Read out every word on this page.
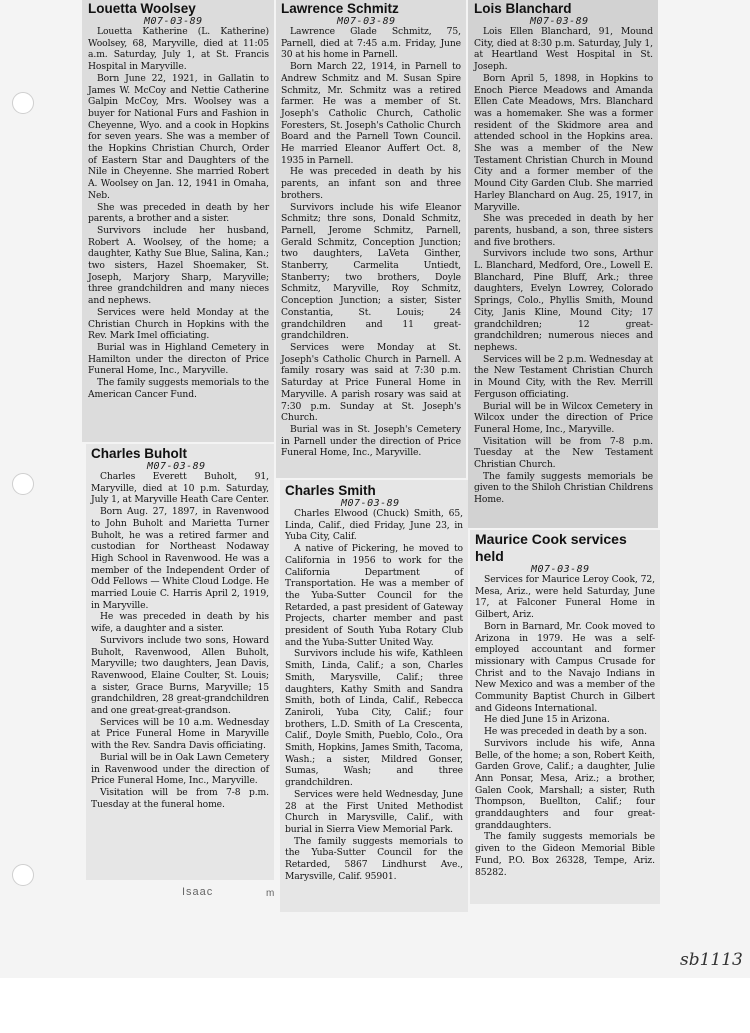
Louetta Woolsey
M07-03-89

Louetta Katherine (L. Katherine) Woolsey, 68, Maryville, died at 11:05 a.m. Saturday, July 1, at St. Francis Hospital in Maryville.

Born June 22, 1921, in Gallatin to James W. McCoy and Nettie Catherine Galpin McCoy, Mrs. Woolsey was a buyer for National Furs and Fashion in Cheyenne, Wyo. and a cook in Hopkins for seven years. She was a member of the Hopkins Christian Church, Order of Eastern Star and Daughters of the Nile in Cheyenne. She married Robert A. Woolsey on Jan. 12, 1941 in Omaha, Neb.

She was preceded in death by her parents, a brother and a sister.

Survivors include her husband, Robert A. Woolsey, of the home; a daughter, Kathy Sue Blue, Salina, Kan.; two sisters, Hazel Shoemaker, St. Joseph, Marjory Sharp, Maryville; three grandchildren and many nieces and nephews.

Services were held Monday at the Christian Church in Hopkins with the Rev. Mark Imel officiating.

Burial was in Highland Cemetery in Hamilton under the directon of Price Funeral Home, Inc., Maryville.

The family suggests memorials to the American Cancer Fund.

Charles Buholt
M07-03-89

Charles Everett Buholt, 91, Maryville, died at 10 p.m. Saturday, July 1, at Maryville Heath Care Center.

Born Aug. 27, 1897, in Ravenwood to John Buholt and Marietta Turner Buholt, he was a retired farmer and custodian for Northeast Nodaway High School in Ravenwood. He was a member of the Independent Order of Odd Fellows — White Cloud Lodge. He married Louie C. Harris April 2, 1919, in Maryville.

He was preceded in death by his wife, a daughter and a sister.

Survivors include two sons, Howard Buholt, Ravenwood, Allen Buholt, Maryville; two daughters, Jean Davis, Ravenwood, Elaine Coulter, St. Louis; a sister, Grace Burns, Maryville; 15 grandchildren, 28 great-grandchildren and one great-great-grandson.

Services will be 10 a.m. Wednesday at Price Funeral Home in Maryville with the Rev. Sandra Davis officiating.

Burial will be in Oak Lawn Cemetery in Ravenwood under the direction of Price Funeral Home, Inc., Maryville.

Visitation will be from 7-8 p.m. Tuesday at the funeral home.

Lawrence Schmitz
M07-03-89

Lawrence Glade Schmitz, 75, Parnell, died at 7:45 a.m. Friday, June 30 at his home in Parnell.

Born March 22, 1914, in Parnell to Andrew Schmitz and M. Susan Spire Schmitz, Mr. Schmitz was a retired farmer. He was a member of St. Joseph's Catholic Church, Catholic Foresters, St. Joseph's Catholic Church Board and the Parnell Town Council. He married Eleanor Auffert Oct. 8, 1935 in Parnell.

He was preceded in death by his parents, an infant son and three brothers.

Survivors include his wife Eleanor Schmitz; thre sons, Donald Schmitz, Parnell, Jerome Schmitz, Parnell, Gerald Schmitz, Conception Junction; two daughters, LaVeta Ginther, Stanberry, Carmelita Untiedt, Stanberry; two brothers, Doyle Schmitz, Maryville, Roy Schmitz, Conception Junction; a sister, Sister Constantia, St. Louis; 24 grandchildren and 11 great-grandchildren.

Services were Monday at St. Joseph's Catholic Church in Parnell. A family rosary was said at 7:30 p.m. Saturday at Price Funeral Home in Maryville. A parish rosary was said at 7:30 p.m. Sunday at St. Joseph's Church.

Burial was in St. Joseph's Cemetery in Parnell under the direction of Price Funeral Home, Inc., Maryville.

Charles Smith
M07-03-89

Charles Elwood (Chuck) Smith, 65, Linda, Calif., died Friday, June 23, in Yuba City, Calif.

A native of Pickering, he moved to California in 1956 to work for the California Department of Transportation. He was a member of the Yuba-Sutter Council for the Retarded, a past president of Gateway Projects, charter member and past president of South Yuba Rotary Club and the Yuba-Sutter United Way.

Survivors include his wife, Kathleen Smith, Linda, Calif.; a son, Charles Smith, Marysville, Calif.; three daughters, Kathy Smith and Sandra Smith, both of Linda, Calif., Rebecca Zaniroli, Yuba City, Calif.; four brothers, L.D. Smith of La Crescenta, Calif., Doyle Smith, Pueblo, Colo., Ora Smith, Hopkins, James Smith, Tacoma, Wash.; a sister, Mildred Gonser, Sumas, Wash; and three grandchildren.

Services were held Wednesday, June 28 at the First United Methodist Church in Marysville, Calif., with burial in Sierra View Memorial Park.

The family suggests memorials to the Yuba-Sutter Council for the Retarded, 5867 Lindhurst Ave., Marysville, Calif. 95901.

Lois Blanchard
M07-03-89

Lois Ellen Blanchard, 91, Mound City, died at 8:30 p.m. Saturday, July 1, at Heartland West Hospital in St. Joseph.

Born April 5, 1898, in Hopkins to Enoch Pierce Meadows and Amanda Ellen Cate Meadows, Mrs. Blanchard was a homemaker. She was a former resident of the Skidmore area and attended school in the Hopkins area. She was a member of the New Testament Christian Church in Mound City and a former member of the Mound City Garden Club. She married Harley Blanchard on Aug. 25, 1917, in Maryville.

She was preceded in death by her parents, husband, a son, three sisters and five brothers.

Survivors include two sons, Arthur L. Blanchard, Medford, Ore., Lowell E. Blanchard, Pine Bluff, Ark.; three daughters, Evelyn Lowrey, Colorado Springs, Colo., Phyllis Smith, Mound City, Janis Kline, Mound City; 17 grandchildren; 12 great-grandchildren; numerous nieces and nephews.

Services will be 2 p.m. Wednesday at the New Testament Christian Church in Mound City, with the Rev. Merrill Ferguson officiating.

Burial will be in Wilcox Cemetery in Wilcox under the direction of Price Funeral Home, Inc., Maryville.

Visitation will be from 7-8 p.m. Tuesday at the New Testament Christian Church.

The family suggests memorials be given to the Shiloh Christian Childrens Home.

Maurice Cook services held
M07-03-89

Services for Maurice Leroy Cook, 72, Mesa, Ariz., were held Saturday, June 17, at Falconer Funeral Home in Gilbert, Ariz.

Born in Barnard, Mr. Cook moved to Arizona in 1979. He was a self-employed accountant and former missionary with Campus Crusade for Christ and to the Navajo Indians in New Mexico and was a member of the Community Baptist Church in Gilbert and Gideons International.

He died June 15 in Arizona.

He was preceded in death by a son.

Survivors include his wife, Anna Belle, of the home; a son, Robert Keith, Garden Grove, Calif.; a daughter, Julie Ann Ponsar, Mesa, Ariz.; a brother, Galen Cook, Marshall; a sister, Ruth Thompson, Buellton, Calif.; four granddaughters and four great-granddaughters.

The family suggests memorials be given to the Gideon Memorial Bible Fund, P.O. Box 26328, Tempe, Ariz. 85282.

Isaac	m
sb1113
